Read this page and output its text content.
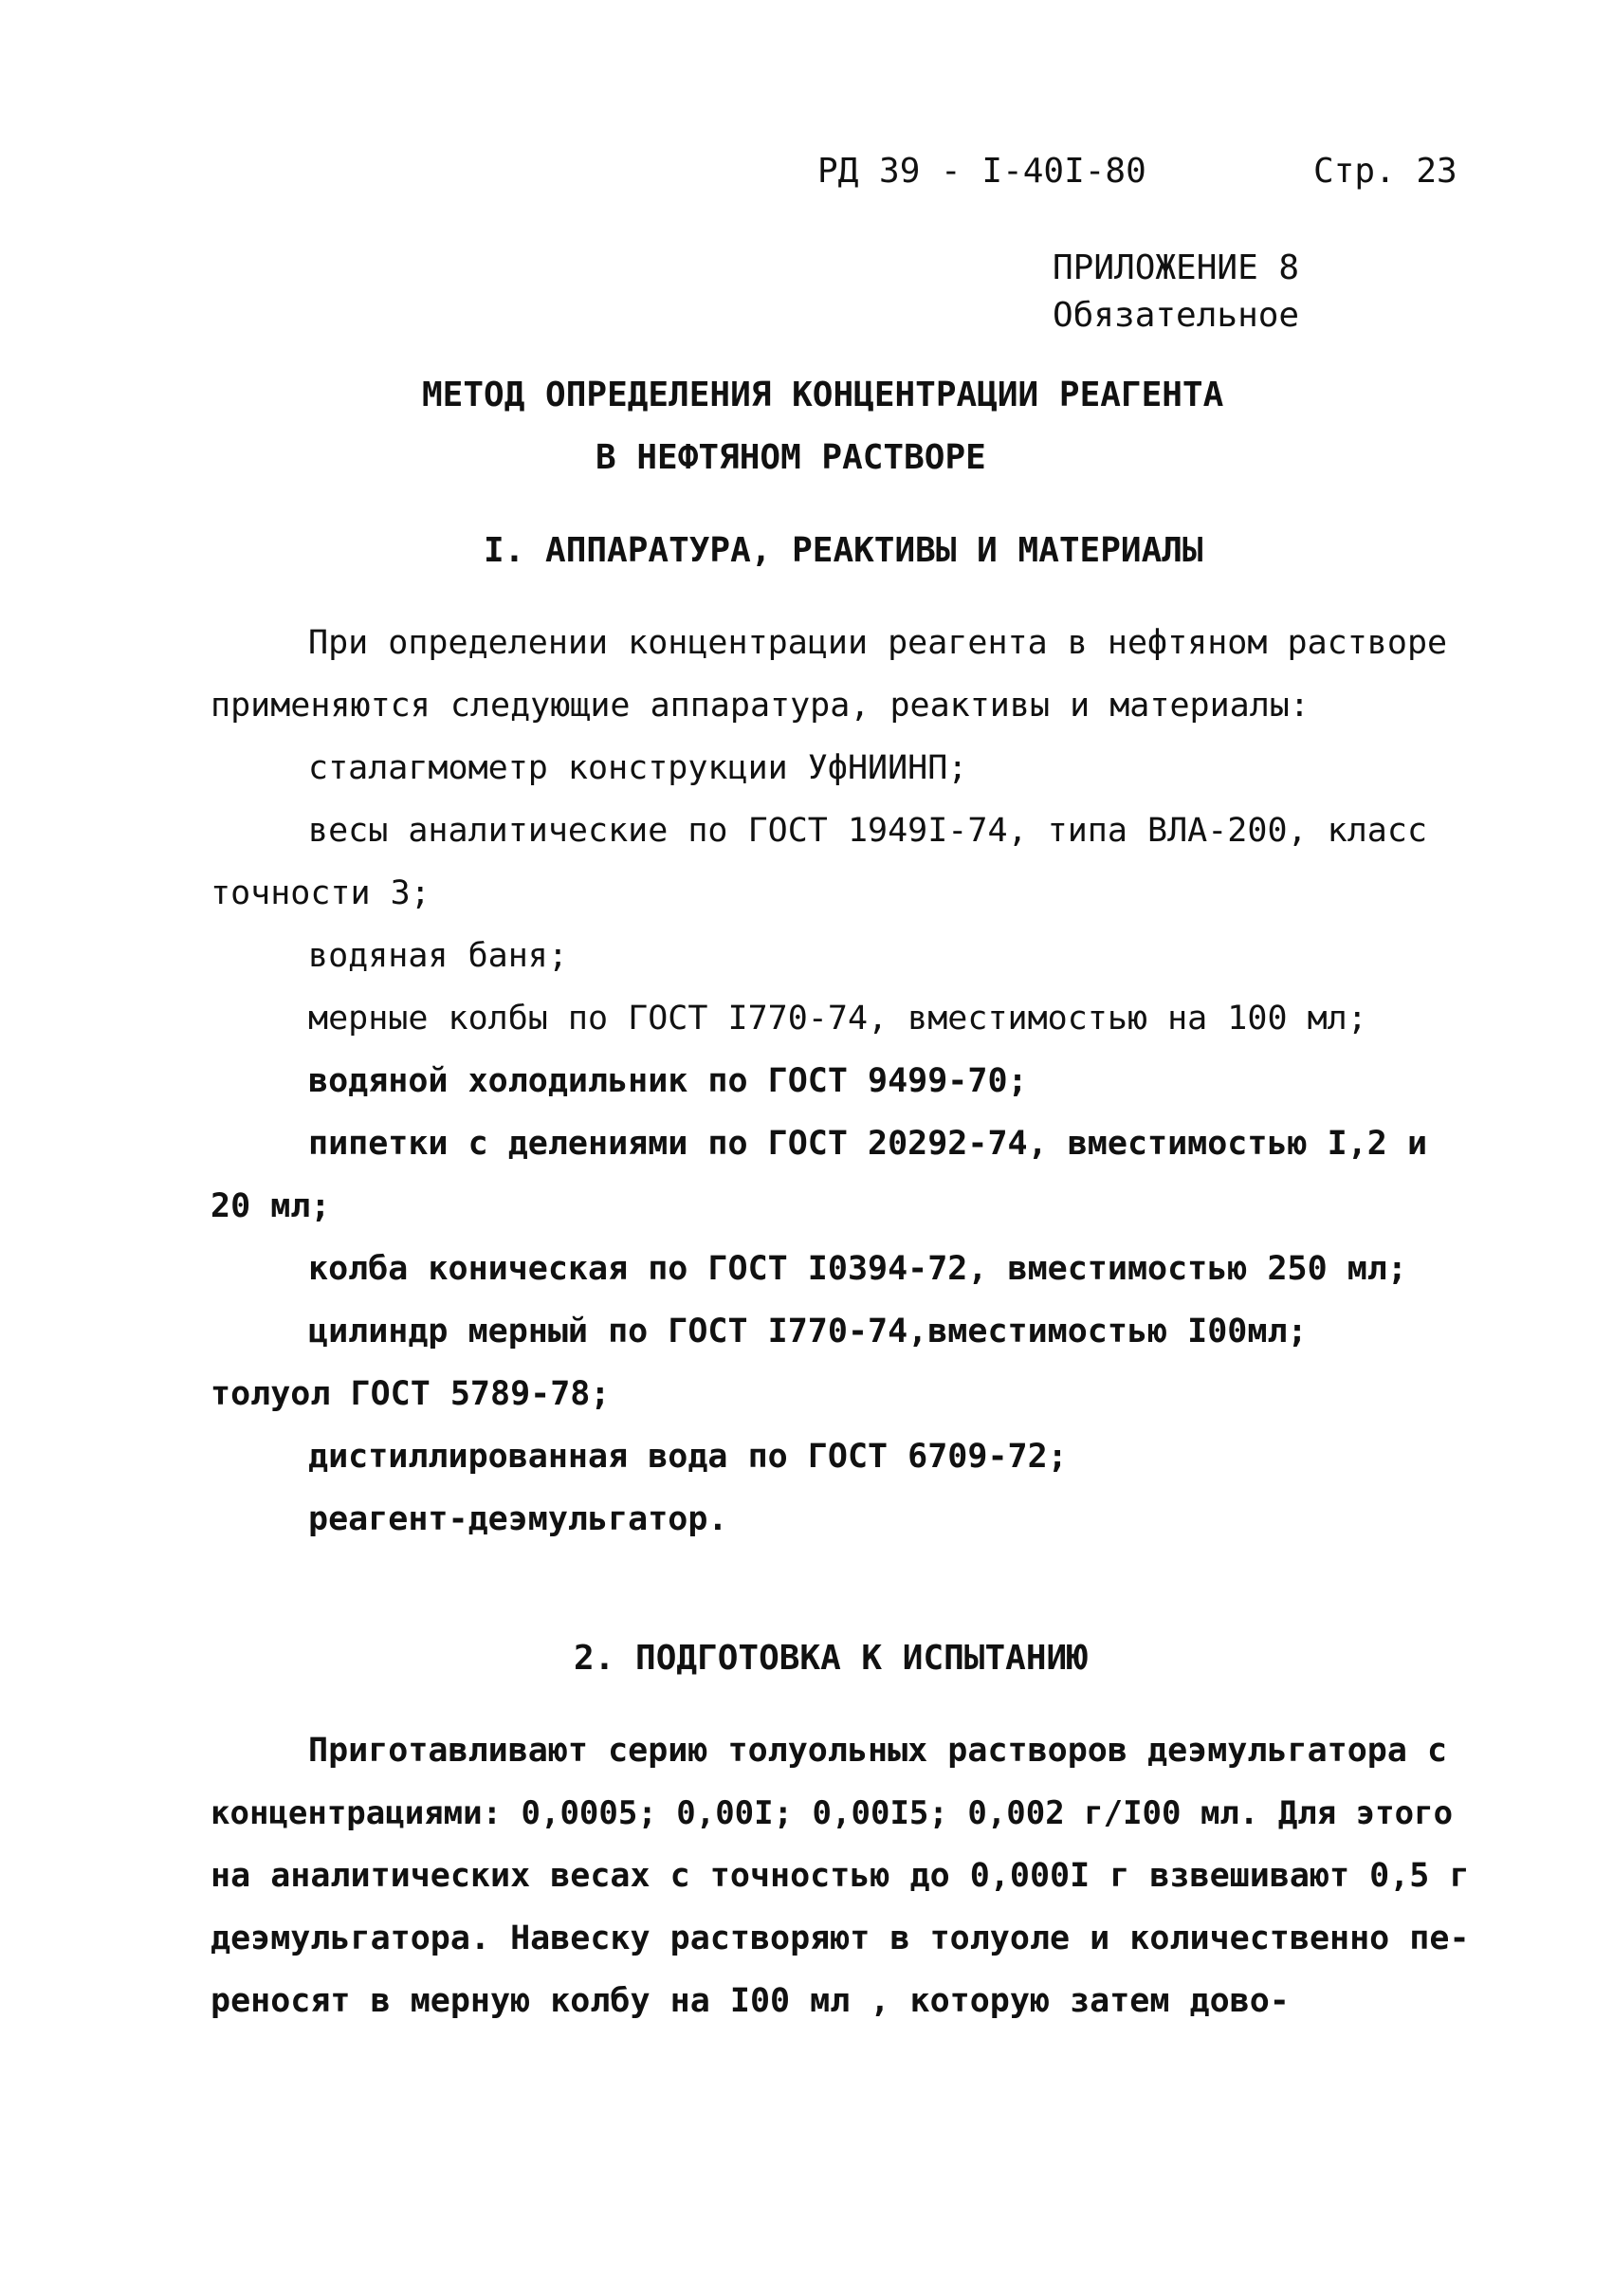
РД 39 - І-40І-80	Стр. 23
ПРИЛОЖЕНИЕ 8
Обязательное
МЕТОД ОПРЕДЕЛЕНИЯ КОНЦЕНТРАЦИИ РЕАГЕНТА
В НЕФТЯНОМ РАСТВОРЕ
I. АППАРАТУРА, РЕАКТИВЫ И МАТЕРИАЛЫ
При определении концентрации реагента в нефтяном растворе
применяются следующие аппаратура, реактивы и материалы:
сталагмометр конструкции УфНИИНП;
весы аналитические по ГОСТ 1949І-74, типа ВЛА-200, класс
точности 3;
водяная баня;
мерные колбы по ГОСТ І770-74, вместимостью на 100 мл;
водяной холодильник по ГОСТ 9499-70;
пипетки с делениями по ГОСТ 20292-74, вместимостью І,2 и
20 мл;
колба коническая по ГОСТ І0394-72, вместимостью 250 мл;
цилиндр мерный по ГОСТ І770-74,вместимостью І00мл;
толуол ГОСТ 5789-78;
дистиллированная вода по ГОСТ 6709-72;
реагент-деэмульгатор.
2. ПОДГОТОВКА К ИСПЫТАНИЮ
Приготавливают серию толуольных растворов деэмульгатора с
концентрациями: 0,0005; 0,00І; 0,00І5; 0,002 г/І00 мл. Для этого
на аналитических весах с точностью до 0,000І г взвешивают 0,5 г
деэмульгатора. Навеску растворяют в толуоле и количественно пе-
реносят в мерную колбу на І00 мл , которую затем дово-
